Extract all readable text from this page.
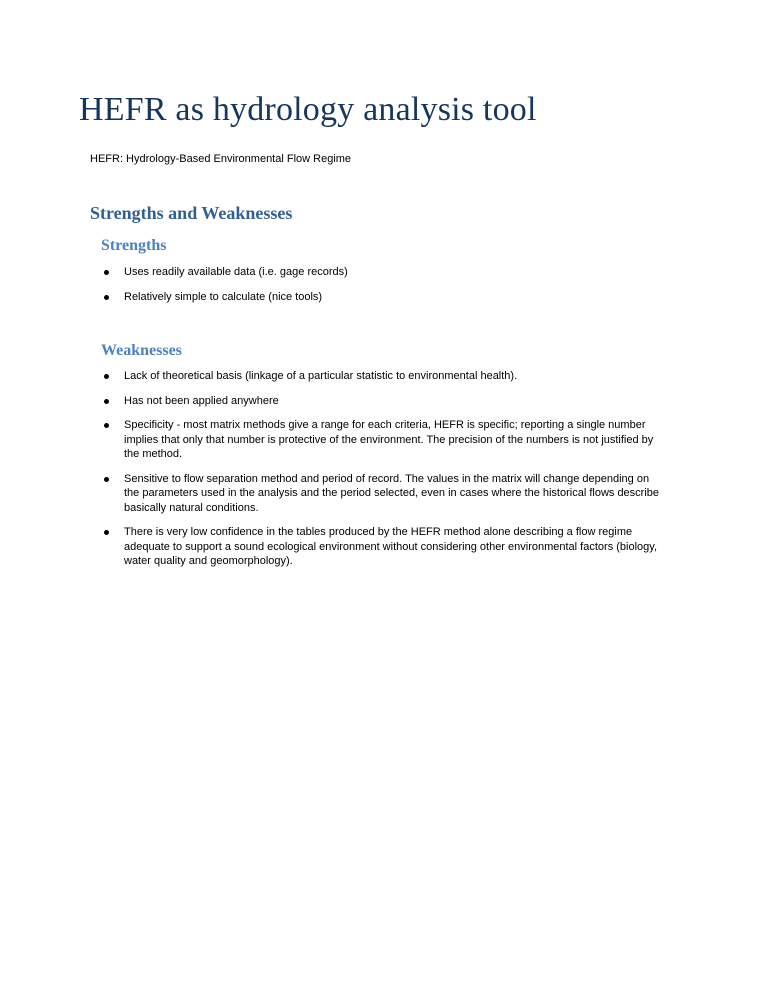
HEFR as hydrology analysis tool

HEFR: Hydrology-Based Environmental Flow Regime

Strengths and Weaknesses
Strengths
Uses readily available data (i.e. gage records)
Relatively simple to calculate (nice tools)
Weaknesses
Lack of theoretical basis (linkage of a particular statistic to environmental health).
Has not been applied anywhere
Specificity - most matrix methods give a range for each criteria, HEFR is specific; reporting a single number implies that only that number is protective of the environment. The precision of the numbers is not justified by the method.
Sensitive to flow separation method and period of record. The values in the matrix will change depending on the parameters used in the analysis and the period selected, even in cases where the historical flows describe basically natural conditions.
There is very low confidence in the tables produced by the HEFR method alone describing a flow regime adequate to support a sound ecological environment without considering other environmental factors (biology, water quality and geomorphology).
